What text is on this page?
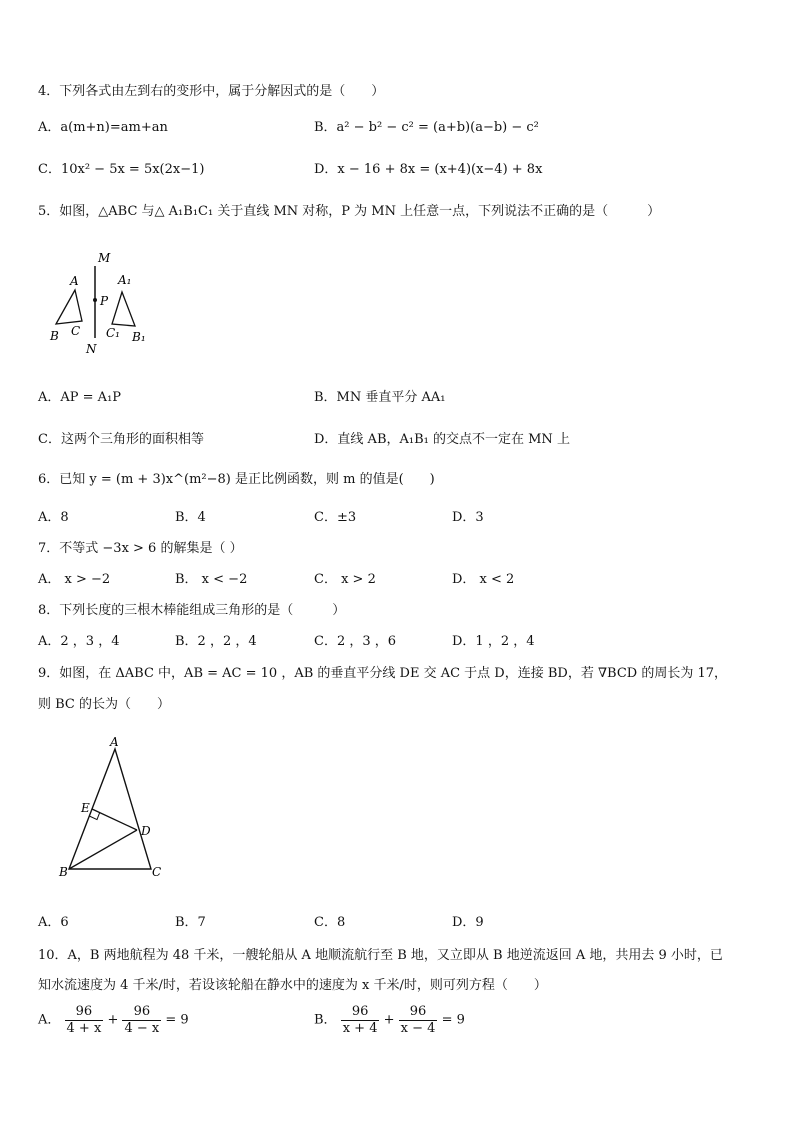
4．下列各式由左到右的变形中，属于分解因式的是（　　）
A．a(m+n)=am+an	B．a² − b² − c² = (a+b)(a−b) − c²
C．10x² − 5x = 5x(2x−1)	D．x − 16 + 8x = (x+4)(x−4) + 8x
5．如图，△ABC 与△ A₁B₁C₁ 关于直线 MN 对称，P 为 MN 上任意一点，下列说法不正确的是（　　　）
M
N
P
A
B C
A₁
B₁
C₁
A．AP = A₁P	B．MN 垂直平分 AA₁
C．这两个三角形的面积相等	D．直线 AB，A₁B₁ 的交点不一定在 MN 上
6．已知 y = (m + 3)x^(m²−8) 是正比例函数，则 m 的值是(　　)
A．8	B．4	C．±3	D．3
7．不等式 −3x > 6 的解集是（ ）
A． x > −2	B． x < −2	C． x > 2	D． x < 2
8．下列长度的三根木棒能组成三角形的是（　　　）
A．2 ，3 ，4	B．2 ，2 ，4	C．2 ，3 ，6	D．1 ，2 ，4
9．如图，在 ΔABC 中，AB = AC = 10 ，AB 的垂直平分线 DE 交 AC 于点 D，连接 BD，若 ∇BCD 的周长为 17，
则 BC 的长为（　　）
A
B	C
D
E
A．6	B．7	C．8	D．9
10．A，B 两地航程为 48 千米，一艘轮船从 A 地顺流航行至 B 地，又立即从 B 地逆流返回 A 地，共用去 9 小时，已
知水流速度为 4 千米/时，若设该轮船在静水中的速度为 x 千米/时，则可列方程（　　）
A． $\frac{96}{4 + x} + \frac{96}{4 - x} = 9$	B． $\frac{96}{x + 4} + \frac{96}{x - 4} = 9$
